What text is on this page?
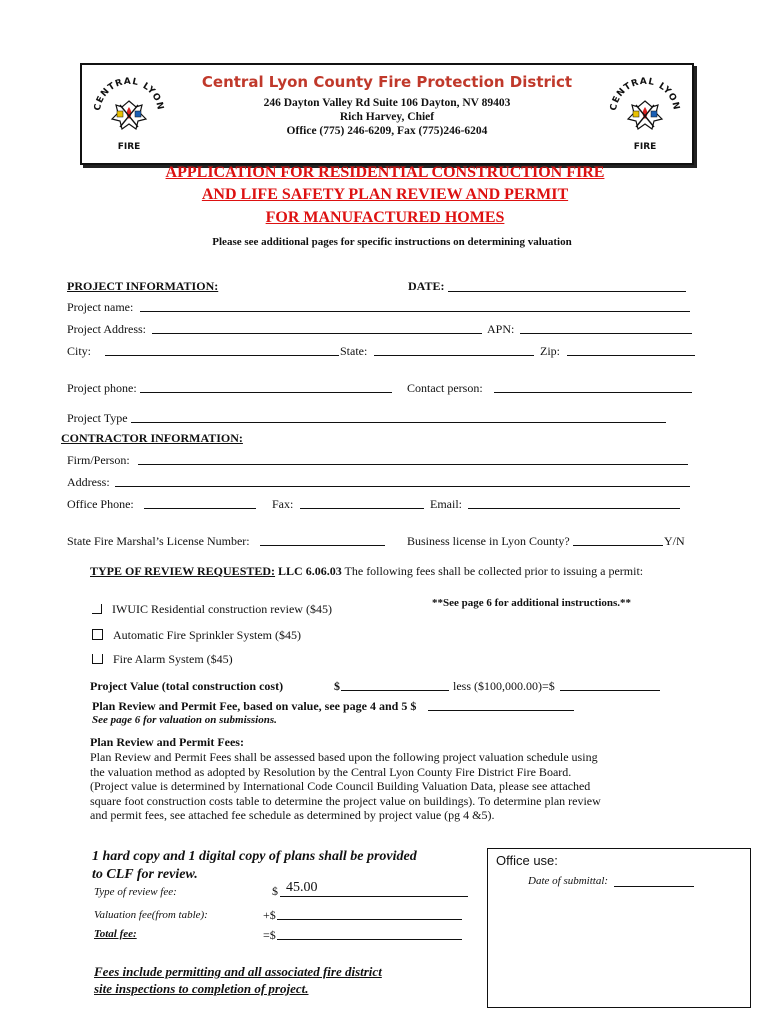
CENTRAL LYON
FIRE
CENTRAL LYON
FIRE
Central Lyon County Fire Protection District
246 Dayton Valley Rd Suite 106 Dayton, NV 89403
Rich Harvey, Chief
Office (775) 246-6209, Fax (775)246-6204
APPLICATION FOR RESIDENTIAL CONSTRUCTION FIRE
AND LIFE SAFETY PLAN REVIEW AND PERMIT
FOR MANUFACTURED HOMES
Please see additional pages for specific instructions on determining valuation
PROJECT INFORMATION:	DATE:
Project name:
Project Address:	APN:
City:	State:	Zip:
Project phone:	Contact person:
Project Type
CONTRACTOR INFORMATION:
Firm/Person:
Address:
Office Phone:	Fax:	Email:
State Fire Marshal’s License Number:	Business license in Lyon County?	Y/N
TYPE OF REVIEW REQUESTED: LLC 6.06.03 The following fees shall be collected prior to issuing a permit:
**See page 6 for additional instructions.**
IWUIC Residential construction review ($45)
Automatic Fire Sprinkler System ($45)
Fire Alarm System ($45)
Project Value (total construction cost)	$	less ($100,000.00)=$
Plan Review and Permit Fee, based on value, see page 4 and 5 $
See page 6 for valuation on submissions.
Plan Review and Permit Fees:
Plan Review and Permit Fees shall be assessed based upon the following project valuation schedule using
the valuation method as adopted by Resolution by the Central Lyon County Fire District Fire Board.
(Project value is determined by International Code Council Building Valuation Data, please see attached
square foot construction costs table to determine the project value on buildings). To determine plan review
and permit fees, see attached fee schedule as determined by project value (pg 4 &5).
1 hard copy and 1 digital copy of plans shall be provided
to CLF for review.
Type of review fee:	$ 45.00
Valuation fee(from table):	+$
Total fee:	=$
Fees include permitting and all associated fire district
site inspections to completion of project.
Office use:
Date of submittal:
